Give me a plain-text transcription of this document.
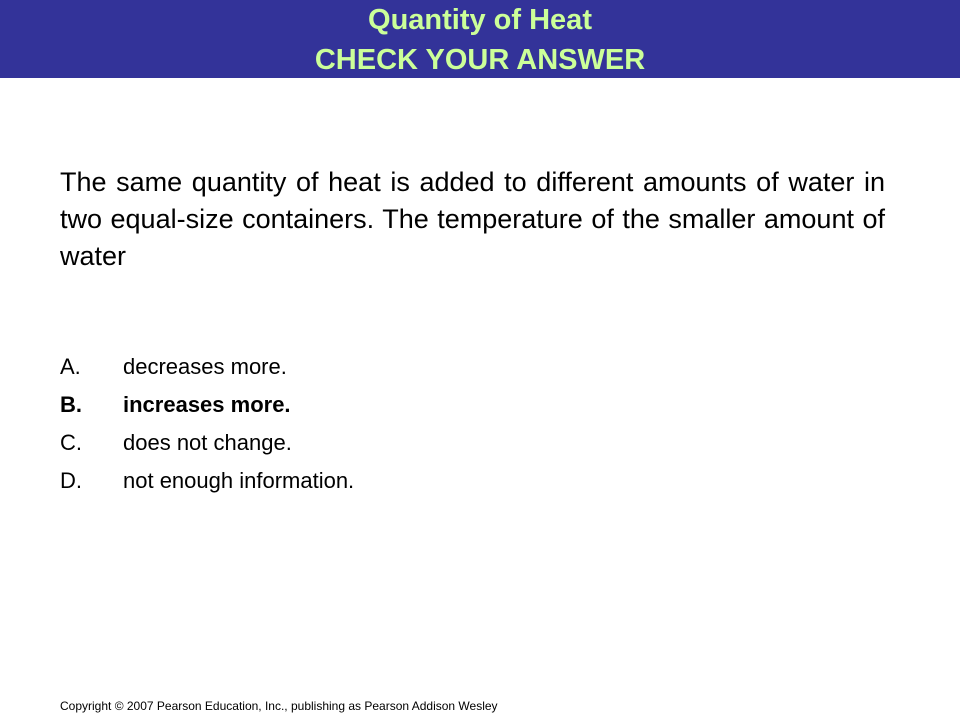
Quantity of Heat
CHECK YOUR ANSWER

The same quantity of heat is added to different amounts of water in two equal-size containers. The temperature of the smaller amount of water

A. decreases more.
B. increases more.
C. does not change.
D. not enough information.
Copyright © 2007 Pearson Education, Inc., publishing as Pearson Addison Wesley
